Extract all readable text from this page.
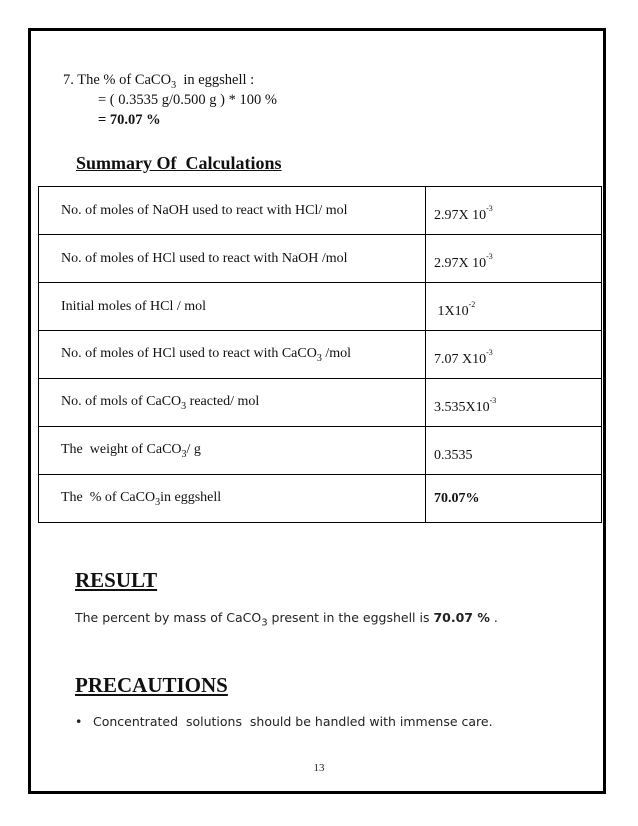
7. The % of CaCO$_3$  in eggshell :
= ( 0.3535 g/0.500 g ) * 100 %
= 70.07 %
Summary Of  Calculations
No. of moles of NaOH used to react with HCl/ mol	2.97X $10^{-3}$
No. of moles of HCl used to react with NaOH /mol	2.97X $10^{-3}$
Initial moles of HCl / mol	$1X10^{-2}$
No. of moles of HCl used to react with CaCO$_3$ /mol	7.07 $X10^{-3}$
No. of mols of CaCO$_3$ reacted/ mol	$3.535X10^{-3}$
The  weight of CaCO$_3$/ g	0.3535
The  % of CaCO$_3$in eggshell	70.07%
RESULT
The percent by mass of CaCO$_3$ present in the eggshell is 70.07 % .
PRECAUTIONS
• Concentrated  solutions  should be handled with immense care.
13
